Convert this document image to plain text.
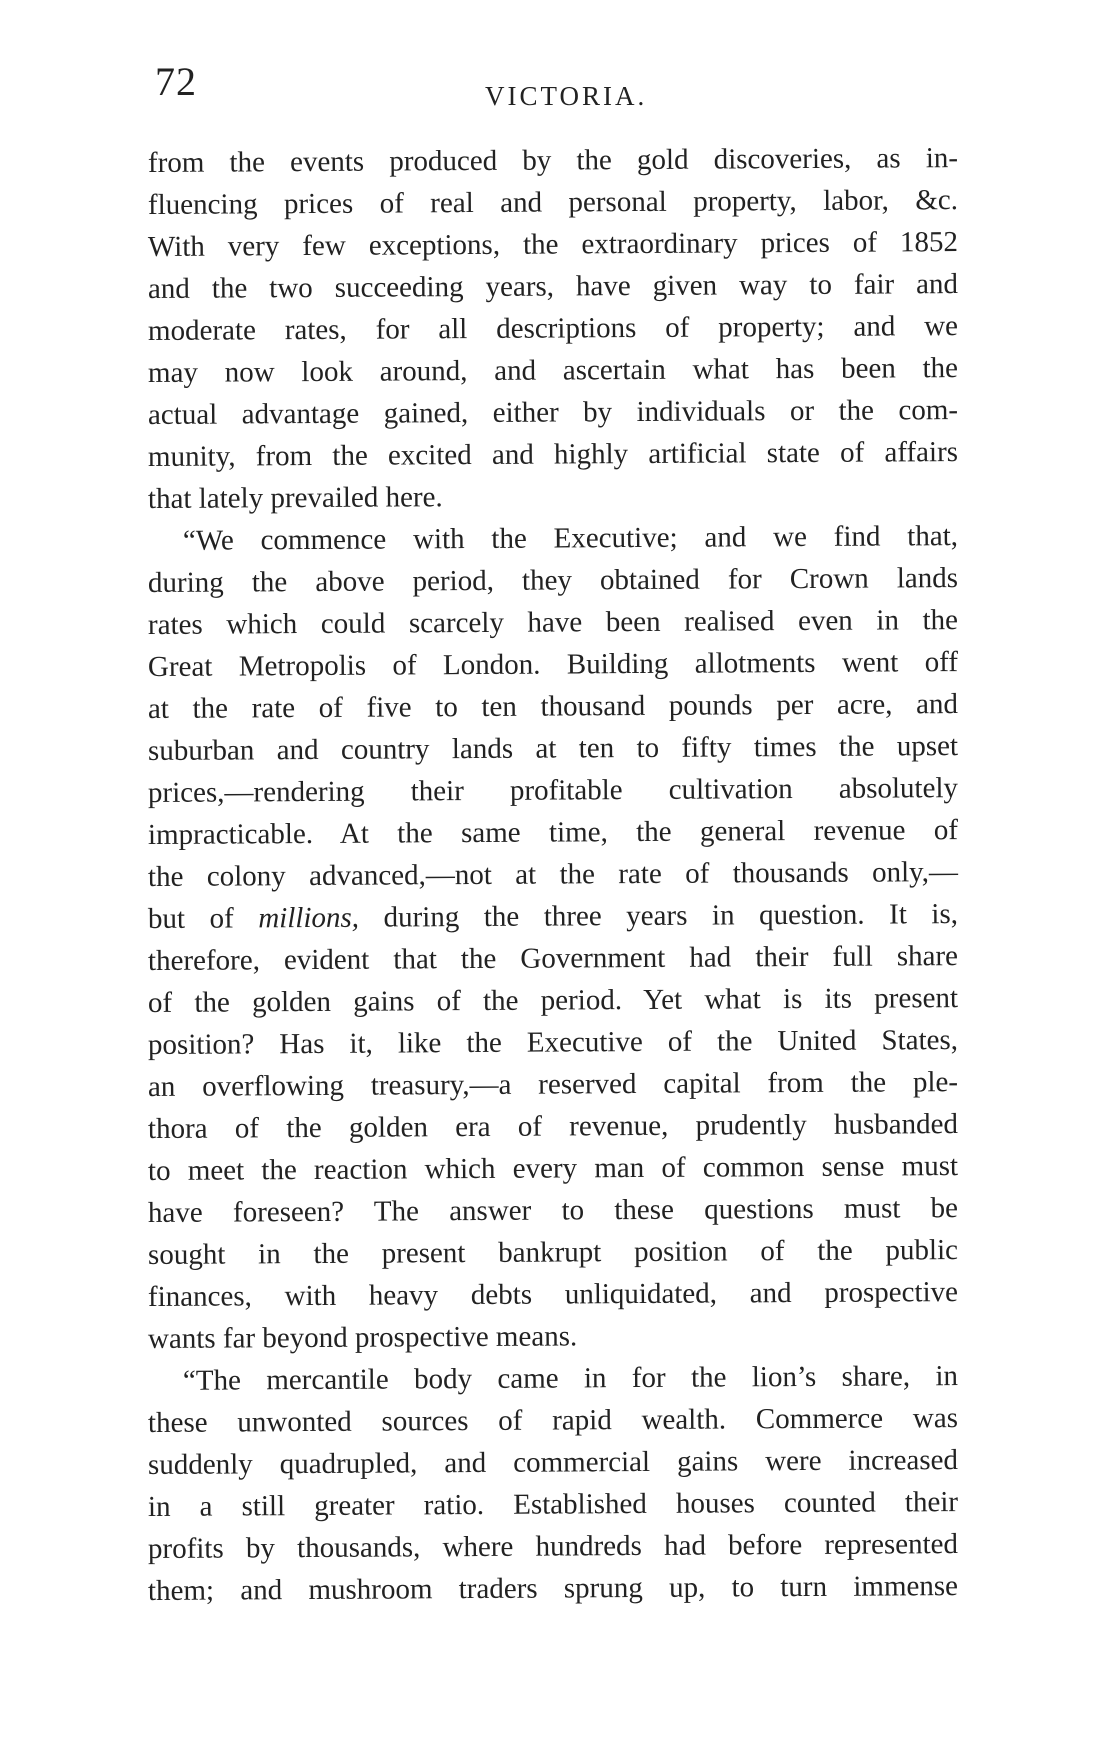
72	VICTORIA.
from the events produced by the gold discoveries, as in-
fluencing prices of real and personal property, labor, &c.
With very few exceptions, the extraordinary prices of 1852
and the two succeeding years, have given way to fair and
moderate rates, for all descriptions of property; and we
may now look around, and ascertain what has been the
actual advantage gained, either by individuals or the com-
munity, from the excited and highly artificial state of affairs
that lately prevailed here.
“We commence with the Executive; and we find that,
during the above period, they obtained for Crown lands
rates which could scarcely have been realised even in the
Great Metropolis of London. Building allotments went off
at the rate of five to ten thousand pounds per acre, and
suburban and country lands at ten to fifty times the upset
prices,—rendering their profitable cultivation absolutely
impracticable. At the same time, the general revenue of
the colony advanced,—not at the rate of thousands only,—
but of millions, during the three years in question. It is,
therefore, evident that the Government had their full share
of the golden gains of the period. Yet what is its present
position? Has it, like the Executive of the United States,
an overflowing treasury,—a reserved capital from the ple-
thora of the golden era of revenue, prudently husbanded
to meet the reaction which every man of common sense must
have foreseen? The answer to these questions must be
sought in the present bankrupt position of the public
finances, with heavy debts unliquidated, and prospective
wants far beyond prospective means.
“The mercantile body came in for the lion’s share, in
these unwonted sources of rapid wealth. Commerce was
suddenly quadrupled, and commercial gains were increased
in a still greater ratio. Established houses counted their
profits by thousands, where hundreds had before represented
them; and mushroom traders sprung up, to turn immense
